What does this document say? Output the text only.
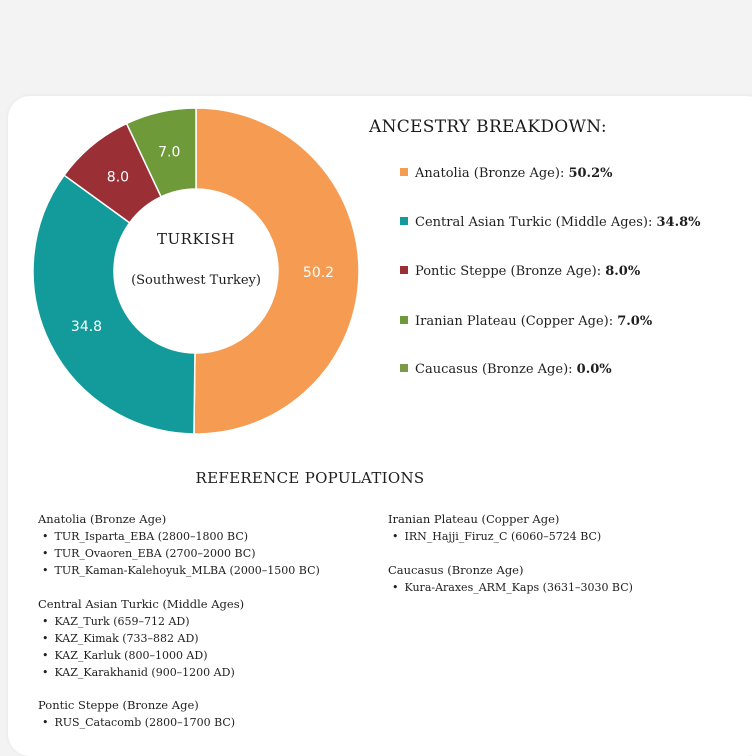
50.2
34.8
8.0
7.0
TURKISH
(Southwest Turkey)
ANCESTRY BREAKDOWN:
Anatolia (Bronze Age): 50.2%
Central Asian Turkic (Middle Ages): 34.8%
Pontic Steppe (Bronze Age): 8.0%
Iranian Plateau (Copper Age): 7.0%
Caucasus (Bronze Age): 0.0%
REFERENCE POPULATIONS
Anatolia (Bronze Age)
• TUR_Isparta_EBA (2800–1800 BC)
• TUR_Ovaoren_EBA (2700–2000 BC)
• TUR_Kaman-Kalehoyuk_MLBA (2000–1500 BC)
Central Asian Turkic (Middle Ages)
• KAZ_Turk (659–712 AD)
• KAZ_Kimak (733–882 AD)
• KAZ_Karluk (800–1000 AD)
• KAZ_Karakhanid (900–1200 AD)
Pontic Steppe (Bronze Age)
• RUS_Catacomb (2800–1700 BC)
Iranian Plateau (Copper Age)
• IRN_Hajji_Firuz_C (6060–5724 BC)
Caucasus (Bronze Age)
• Kura-Araxes_ARM_Kaps (3631–3030 BC)
